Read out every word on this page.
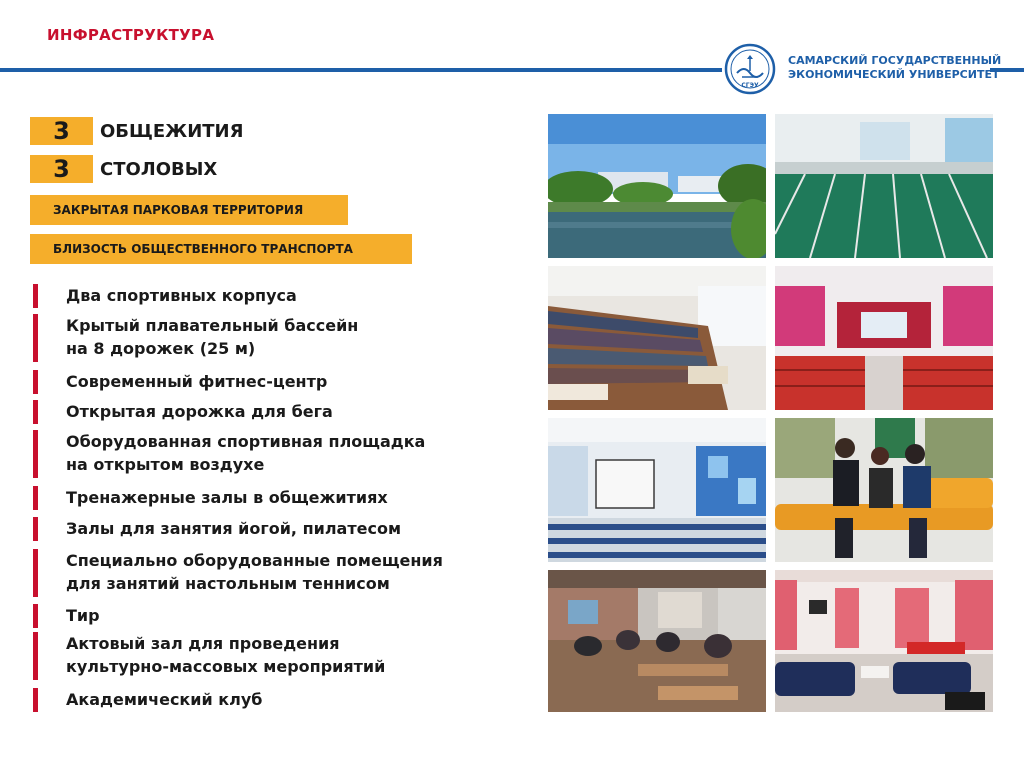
ИНФРАСТРУКТУРА
СГЭУ
САМАРСКИЙ ГОСУДАРСТВЕННЫЙ
ЭКОНОМИЧЕСКИЙ УНИВЕРСИТЕТ
3	ОБЩЕЖИТИЯ
3	СТОЛОВЫХ
ЗАКРЫТАЯ ПАРКОВАЯ ТЕРРИТОРИЯ
БЛИЗОСТЬ ОБЩЕСТВЕННОГО ТРАНСПОРТА
Два спортивных корпуса
Крытый плавательный бассейн
на 8 дорожек (25 м)
Современный фитнес-центр
Открытая дорожка для бега
Оборудованная спортивная площадка
на открытом воздухе
Тренажерные залы в общежитиях
Залы для занятия йогой, пилатесом
Специально оборудованные помещения
для занятий настольным теннисом
Тир
Актовый зал для проведения
культурно-массовых мероприятий
Академический клуб
